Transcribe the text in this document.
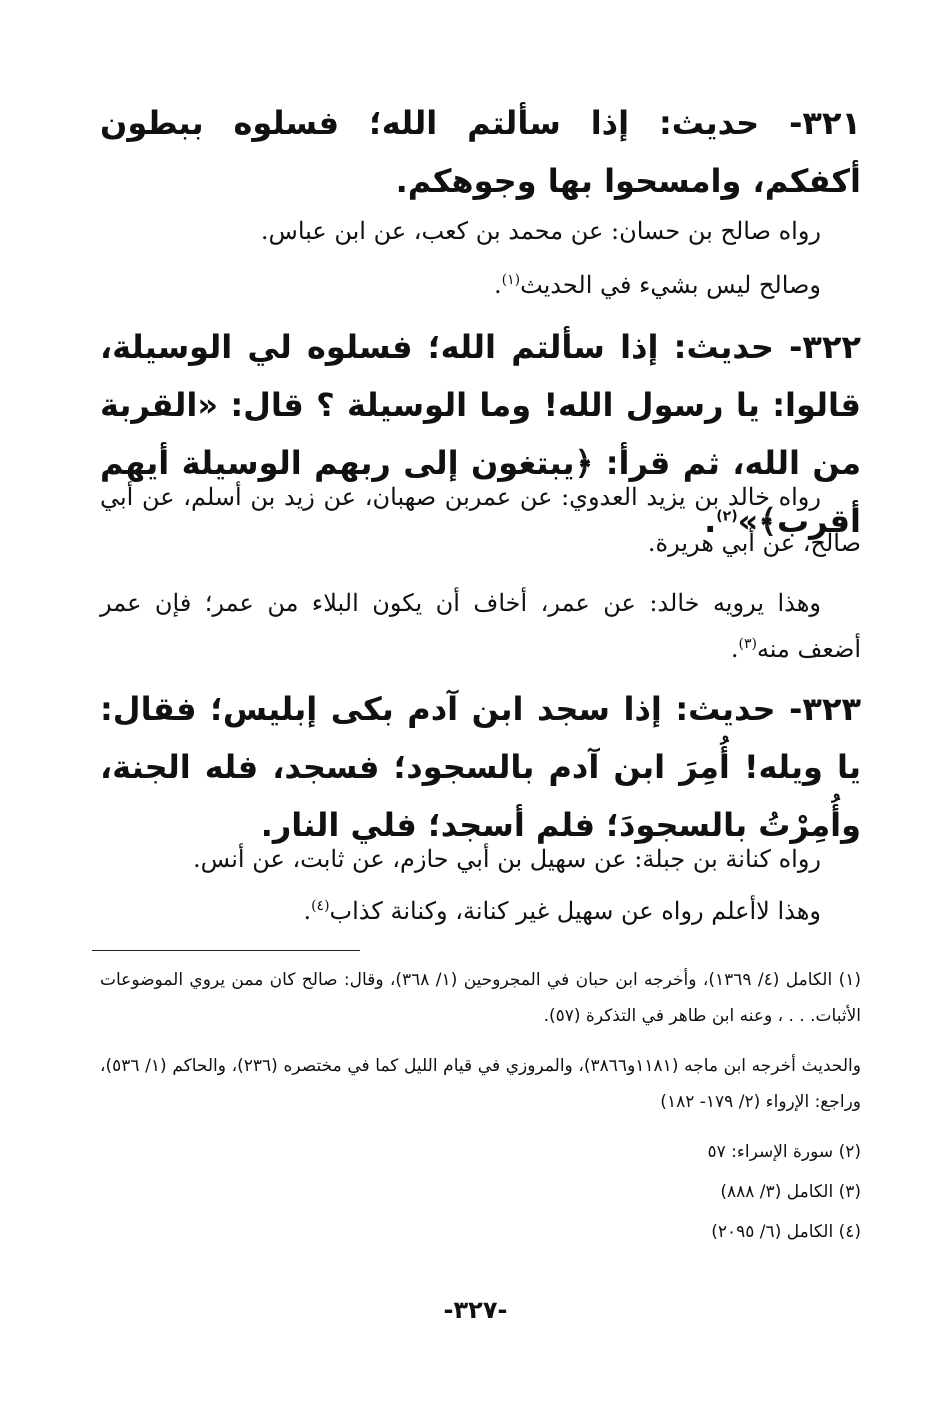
٣٢١- حديث: إذا سألتم الله؛ فسلوه ببطون أكفكم، وامسحوا بها وجوهكم.

رواه صالح بن حسان: عن محمد بن كعب، عن ابن عباس.

وصالح ليس بشيء في الحديث$^{(١)}$.

٣٢٢- حديث: إذا سألتم الله؛ فسلوه لي الوسيلة، قالوا: يا رسول الله! وما الوسيلة ؟ قال: «القربة من الله، ثم قرأ: ﴿يبتغون إلى ربهم الوسيلة أيهم أقرب﴾»$^{(٢)}$.

رواه خالد بن يزيد العدوي: عن عمربن صهبان، عن زيد بن أسلم، عن أبي صالح، عن أبي هريرة.

وهذا يرويه خالد: عن عمر، أخاف أن يكون البلاء من عمر؛ فإن عمر أضعف منه$^{(٣)}$.

٣٢٣- حديث: إذا سجد ابن آدم بكى إبليس؛ فقال: يا ويله! أُمِرَ ابن آدم بالسجود؛ فسجد، فله الجنة، وأُمِرْتُ بالسجودَ؛ فلم أسجد؛ فلي النار.

رواه كنانة بن جبلة: عن سهيل بن أبي حازم، عن ثابت، عن أنس.

وهذا لاأعلم رواه عن سهيل غير كنانة، وكنانة كذاب$^{(٤)}$.

(١) الكامل (٤/ ١٣٦٩)، وأخرجه ابن حبان في المجروحين (١/ ٣٦٨)، وقال: صالح كان ممن يروي الموضوعات الأثبات. . . ، وعنه ابن طاهر في التذكرة (٥٧).

والحديث أخرجه ابن ماجه (١١٨١و٣٨٦٦)، والمروزي في قيام الليل كما في مختصره (٢٣٦)، والحاكم (١/ ٥٣٦)، وراجع: الإرواء (٢/ ١٧٩- ١٨٢)

(٢) سورة الإسراء: ٥٧

(٣) الكامل (٣/ ٨٨٨)

(٤) الكامل (٦/ ٢٠٩٥)

-٣٢٧-
